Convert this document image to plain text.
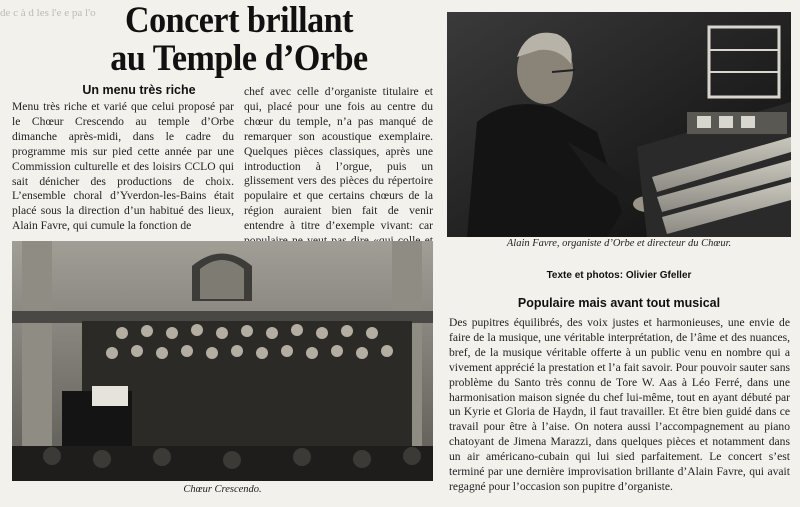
de c à d les l'e e pa l'o Concert brillant
au Temple d’Orbe
Un menu très riche

Menu très riche et varié que celui proposé par le Chœur Crescendo au temple d’Orbe dimanche après-midi, dans le cadre du programme mis sur pied cette année par une Commission culturelle et des loisirs CCLO qui sait dénicher des productions de choix. L’ensemble choral d’Yverdon-les-Bains était placé sous la direction d’un habitué des lieux, Alain Favre, qui cumule la fonction de

chef avec celle d’organiste titulaire et qui, placé pour une fois au centre du chœur du temple, n’a pas manqué de remarquer son acoustique exemplaire. Quelques pièces classiques, après une introduction à l’orgue, puis un glissement vers des pièces du répertoire populaire et que certains chœurs de la région auraient bien fait de venir entendre à titre d’exemple vivant: car

Alain Favre, organiste d’Orbe et directeur du Chœur.
Texte et photos: Olivier Gfeller
Populaire mais avant tout musical

Des pupitres équilibrés, des voix justes et harmonieuses, une envie de faire de la musique, une véritable interprétation, de l’âme et des nuances, bref, de la musique véritable offerte à un public venu en nombre qui a vivement apprécié la prestation et l’a fait savoir. Pour pouvoir sauter sans problème du Santo très connu de Tore W. Aas à Léo Ferré, dans une harmonisation maison signée du chef lui-même, tout en ayant débuté par un Kyrie et Gloria de Haydn, il faut travailler. Et être bien guidé dans ce travail pour être à l’aise. On notera aussi l’accompagnement au piano chatoyant de Jimena Marazzi, dans quelques pièces et notamment dans un air américano-cubain qui lui sied parfaitement. Le concert s’est terminé par une dernière improvisation brillante d’Alain Favre, qui avait regagné pour l’occasion son pupitre d’organiste.

Chœur Crescendo.
